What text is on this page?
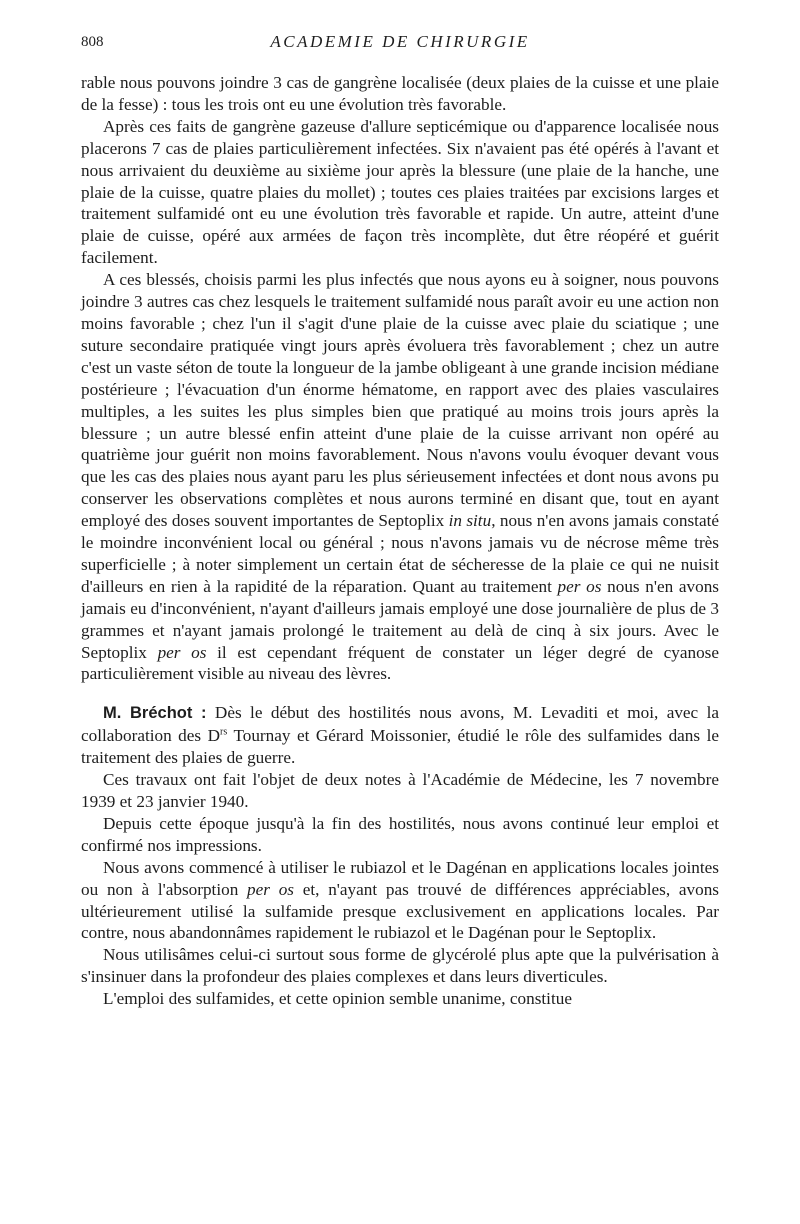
808	ACADEMIE DE CHIRURGIE

rable nous pouvons joindre 3 cas de gangrène localisée (deux plaies de la cuisse et une plaie de la fesse) : tous les trois ont eu une évolution très favorable.

Après ces faits de gangrène gazeuse d'allure septicémique ou d'apparence localisée nous placerons 7 cas de plaies particulièrement infectées. Six n'avaient pas été opérés à l'avant et nous arrivaient du deuxième au sixième jour après la blessure (une plaie de la hanche, une plaie de la cuisse, quatre plaies du mollet) ; toutes ces plaies traitées par excisions larges et traitement sulfamidé ont eu une évolution très favorable et rapide. Un autre, atteint d'une plaie de cuisse, opéré aux armées de façon très incomplète, dut être réopéré et guérit facilement.

A ces blessés, choisis parmi les plus infectés que nous ayons eu à soigner, nous pouvons joindre 3 autres cas chez lesquels le traitement sulfamidé nous paraît avoir eu une action non moins favorable ; chez l'un il s'agit d'une plaie de la cuisse avec plaie du sciatique ; une suture secondaire pratiquée vingt jours après évoluera très favorablement ; chez un autre c'est un vaste séton de toute la longueur de la jambe obligeant à une grande incision médiane postérieure ; l'évacuation d'un énorme hématome, en rapport avec des plaies vasculaires multiples, a les suites les plus simples bien que pratiqué au moins trois jours après la blessure ; un autre blessé enfin atteint d'une plaie de la cuisse arrivant non opéré au quatrième jour guérit non moins favorablement. Nous n'avons voulu évoquer devant vous que les cas des plaies nous ayant paru les plus sérieusement infectées et dont nous avons pu conserver les observations complètes et nous aurons terminé en disant que, tout en ayant employé des doses souvent importantes de Septoplix in situ, nous n'en avons jamais constaté le moindre inconvénient local ou général ; nous n'avons jamais vu de nécrose même très superficielle ; à noter simplement un certain état de sécheresse de la plaie ce qui ne nuisit d'ailleurs en rien à la rapidité de la réparation. Quant au traitement per os nous n'en avons jamais eu d'inconvénient, n'ayant d'ailleurs jamais employé une dose journalière de plus de 3 grammes et n'ayant jamais prolongé le traitement au delà de cinq à six jours. Avec le Septoplix per os il est cependant fréquent de constater un léger degré de cyanose particulièrement visible au niveau des lèvres.

M. Bréchot : Dès le début des hostilités nous avons, M. Levaditi et moi, avec la collaboration des $D^{rs}$ Tournay et Gérard Moissonier, étudié le rôle des sulfamides dans le traitement des plaies de guerre.

Ces travaux ont fait l'objet de deux notes à l'Académie de Médecine, les 7 novembre 1939 et 23 janvier 1940.

Depuis cette époque jusqu'à la fin des hostilités, nous avons continué leur emploi et confirmé nos impressions.

Nous avons commencé à utiliser le rubiazol et le Dagénan en applications locales jointes ou non à l'absorption per os et, n'ayant pas trouvé de différences appréciables, avons ultérieurement utilisé la sulfamide presque exclusivement en applications locales. Par contre, nous abandonnâmes rapidement le rubiazol et le Dagénan pour le Septoplix.

Nous utilisâmes celui-ci surtout sous forme de glycérolé plus apte que la pulvérisation à s'insinuer dans la profondeur des plaies complexes et dans leurs diverticules.

L'emploi des sulfamides, et cette opinion semble unanime, constitue
